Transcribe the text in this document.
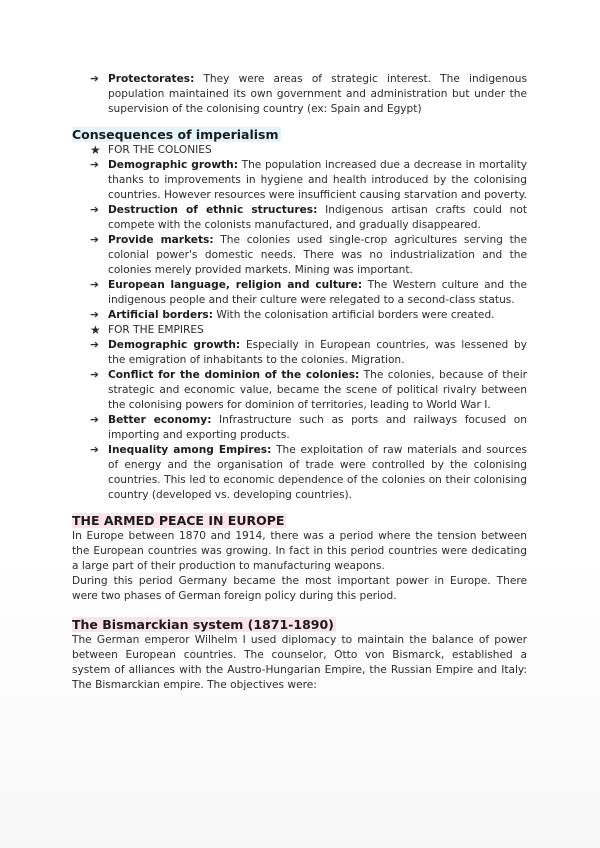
➔ Protectorates: They were areas of strategic interest. The indigenous population maintained its own government and administration but under the supervision of the colonising country (ex: Spain and Egypt)
Consequences of imperialism
★ FOR THE COLONIES
➔ Demographic growth: The population increased due a decrease in mortality thanks to improvements in hygiene and health introduced by the colonising countries. However resources were insufficient causing starvation and poverty.
➔ Destruction of ethnic structures: Indigenous artisan crafts could not compete with the colonists manufactured, and gradually disappeared.
➔ Provide markets: The colonies used single-crop agricultures serving the colonial power's domestic needs. There was no industrialization and the colonies merely provided markets. Mining was important.
➔ European language, religion and culture: The Western culture and the indigenous people and their culture were relegated to a second-class status.
➔ Artificial borders: With the colonisation artificial borders were created.
★ FOR THE EMPIRES
➔ Demographic growth: Especially in European countries, was lessened by the emigration of inhabitants to the colonies. Migration.
➔ Conflict for the dominion of the colonies: The colonies, because of their strategic and economic value, became the scene of political rivalry between the colonising powers for dominion of territories, leading to World War I.
➔ Better economy: Infrastructure such as ports and railways focused on importing and exporting products.
➔ Inequality among Empires: The exploitation of raw materials and sources of energy and the organisation of trade were controlled by the colonising countries. This led to economic dependence of the colonies on their colonising country (developed vs. developing countries).
THE ARMED PEACE IN EUROPE

In Europe between 1870 and 1914, there was a period where the tension between the European countries was growing. In fact in this period countries were dedicating a large part of their production to manufacturing weapons.

During this period Germany became the most important power in Europe. There were two phases of German foreign policy during this period.

The Bismarckian system (1871-1890)

The German emperor Wilhelm I used diplomacy to maintain the balance of power between European countries. The counselor, Otto von Bismarck, established a system of alliances with the Austro-Hungarian Empire, the Russian Empire and Italy: The Bismarckian empire. The objectives were:
